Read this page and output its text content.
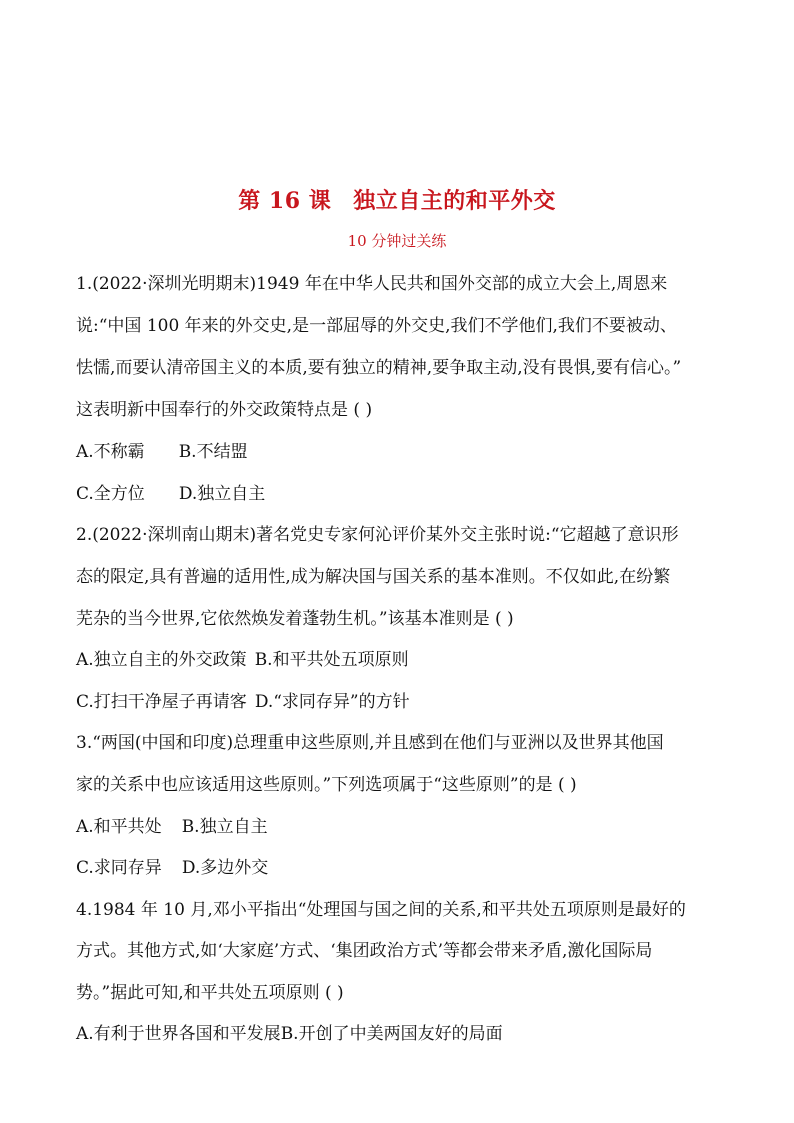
第 16 课 独立自主的和平外交
10 分钟过关练
1.(2022·深圳光明期末)1949 年在中华人民共和国外交部的成立大会上,周恩来
说:“中国 100 年来的外交史,是一部屈辱的外交史,我们不学他们,我们不要被动、
怯懦,而要认清帝国主义的本质,要有独立的精神,要争取主动,没有畏惧,要有信心。”
这表明新中国奉行的外交政策特点是 ( )
A.不称霸 B.不结盟
C.全方位 D.独立自主
2.(2022·深圳南山期末)著名党史专家何沁评价某外交主张时说:“它超越了意识形
态的限定,具有普遍的适用性,成为解决国与国关系的基本准则。不仅如此,在纷繁
芜杂的当今世界,它依然焕发着蓬勃生机。”该基本准则是 ( )
A.独立自主的外交政策 B.和平共处五项原则
C.打扫干净屋子再请客 D.“求同存异”的方针
3.“两国(中国和印度)总理重申这些原则,并且感到在他们与亚洲以及世界其他国
家的关系中也应该适用这些原则。”下列选项属于“这些原则”的是 ( )
A.和平共处 B.独立自主
C.求同存异 D.多边外交
4.1984 年 10 月,邓小平指出“处理国与国之间的关系,和平共处五项原则是最好的
方式。其他方式,如‘大家庭’方式、‘集团政治方式’等都会带来矛盾,激化国际局
势。”据此可知,和平共处五项原则 ( )
A.有利于世界各国和平发展B.开创了中美两国友好的局面
